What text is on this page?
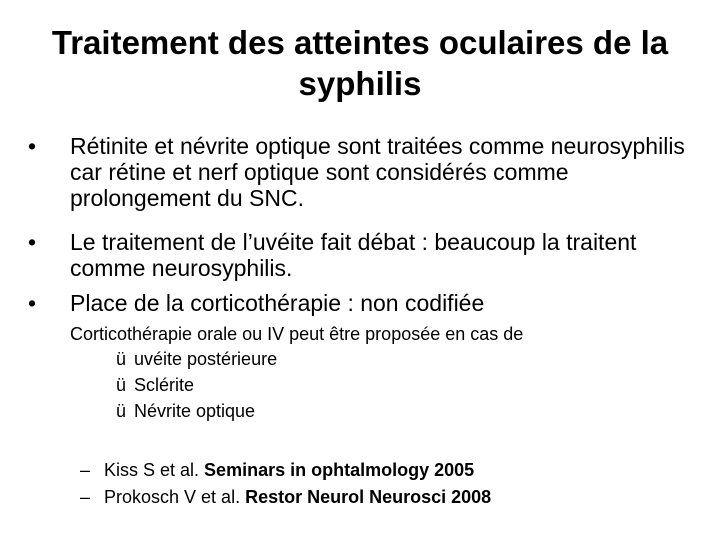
Traitement des atteintes oculaires de la syphilis
• Rétinite et névrite optique sont traitées comme neurosyphilis car rétine et nerf optique sont considérés comme prolongement du SNC.
• Le traitement de l’uvéite fait débat : beaucoup la traitent comme neurosyphilis.
• Place de la corticothérapie : non codifiée
Corticothérapie orale ou IV peut être proposée en cas de
ü uvéite postérieure
ü Sclérite
ü Névrite optique
– Kiss S et al. Seminars in ophtalmology 2005
– Prokosch V et al. Restor Neurol Neurosci 2008
